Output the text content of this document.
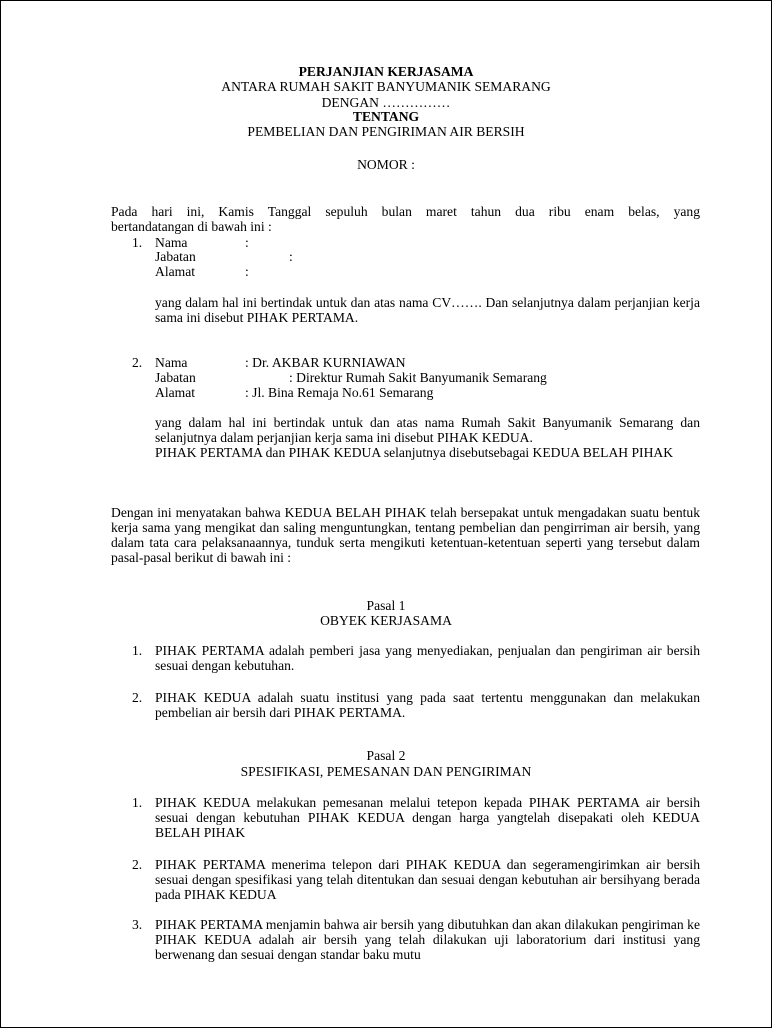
PERJANJIAN KERJASAMA
ANTARA RUMAH SAKIT BANYUMANIK SEMARANG
DENGAN ……………
TENTANG
PEMBELIAN DAN PENGIRIMAN AIR BERSIH
NOMOR :
Pada hari ini, Kamis Tanggal sepuluh bulan maret tahun dua ribu enam belas, yang
bertandatangan di bawah ini :
1. Nama	:
Jabatan	:
Alamat	:
yang dalam hal ini bertindak untuk dan atas nama CV……. Dan selanjutnya dalam perjanjian kerja sama ini disebut PIHAK PERTAMA.
2. Nama	: Dr. AKBAR KURNIAWAN
Jabatan	: Direktur Rumah Sakit Banyumanik Semarang
Alamat	: Jl. Bina Remaja No.61 Semarang
yang dalam hal ini bertindak untuk dan atas nama Rumah Sakit Banyumanik Semarang dan selanjutnya dalam perjanjian kerja sama ini disebut PIHAK KEDUA.
PIHAK PERTAMA dan PIHAK KEDUA selanjutnya disebutsebagai KEDUA BELAH PIHAK
Dengan ini menyatakan bahwa KEDUA BELAH PIHAK telah bersepakat untuk mengadakan suatu bentuk kerja sama yang mengikat dan saling menguntungkan, tentang pembelian dan pengirriman air bersih, yang dalam tata cara pelaksanaannya, tunduk serta mengikuti ketentuan-ketentuan seperti yang tersebut dalam pasal-pasal berikut di bawah ini :
Pasal 1
OBYEK KERJASAMA
1. PIHAK PERTAMA adalah pemberi jasa yang menyediakan, penjualan dan pengiriman air bersih sesuai dengan kebutuhan.
2. PIHAK KEDUA adalah suatu institusi yang pada saat tertentu menggunakan dan melakukan pembelian air bersih dari PIHAK PERTAMA.
Pasal 2
SPESIFIKASI, PEMESANAN DAN PENGIRIMAN
1. PIHAK KEDUA melakukan pemesanan melalui tetepon kepada PIHAK PERTAMA air bersih sesuai dengan kebutuhan PIHAK KEDUA dengan harga yangtelah disepakati oleh KEDUA BELAH PIHAK
2. PIHAK PERTAMA menerima telepon dari PIHAK KEDUA dan segeramengirimkan air bersih sesuai dengan spesifikasi yang telah ditentukan dan sesuai dengan kebutuhan air bersihyang berada pada PIHAK KEDUA
3. PIHAK PERTAMA menjamin bahwa air bersih yang dibutuhkan dan akan dilakukan pengiriman ke PIHAK KEDUA adalah air bersih yang telah dilakukan uji laboratorium dari institusi yang berwenang dan sesuai dengan standar baku mutu
